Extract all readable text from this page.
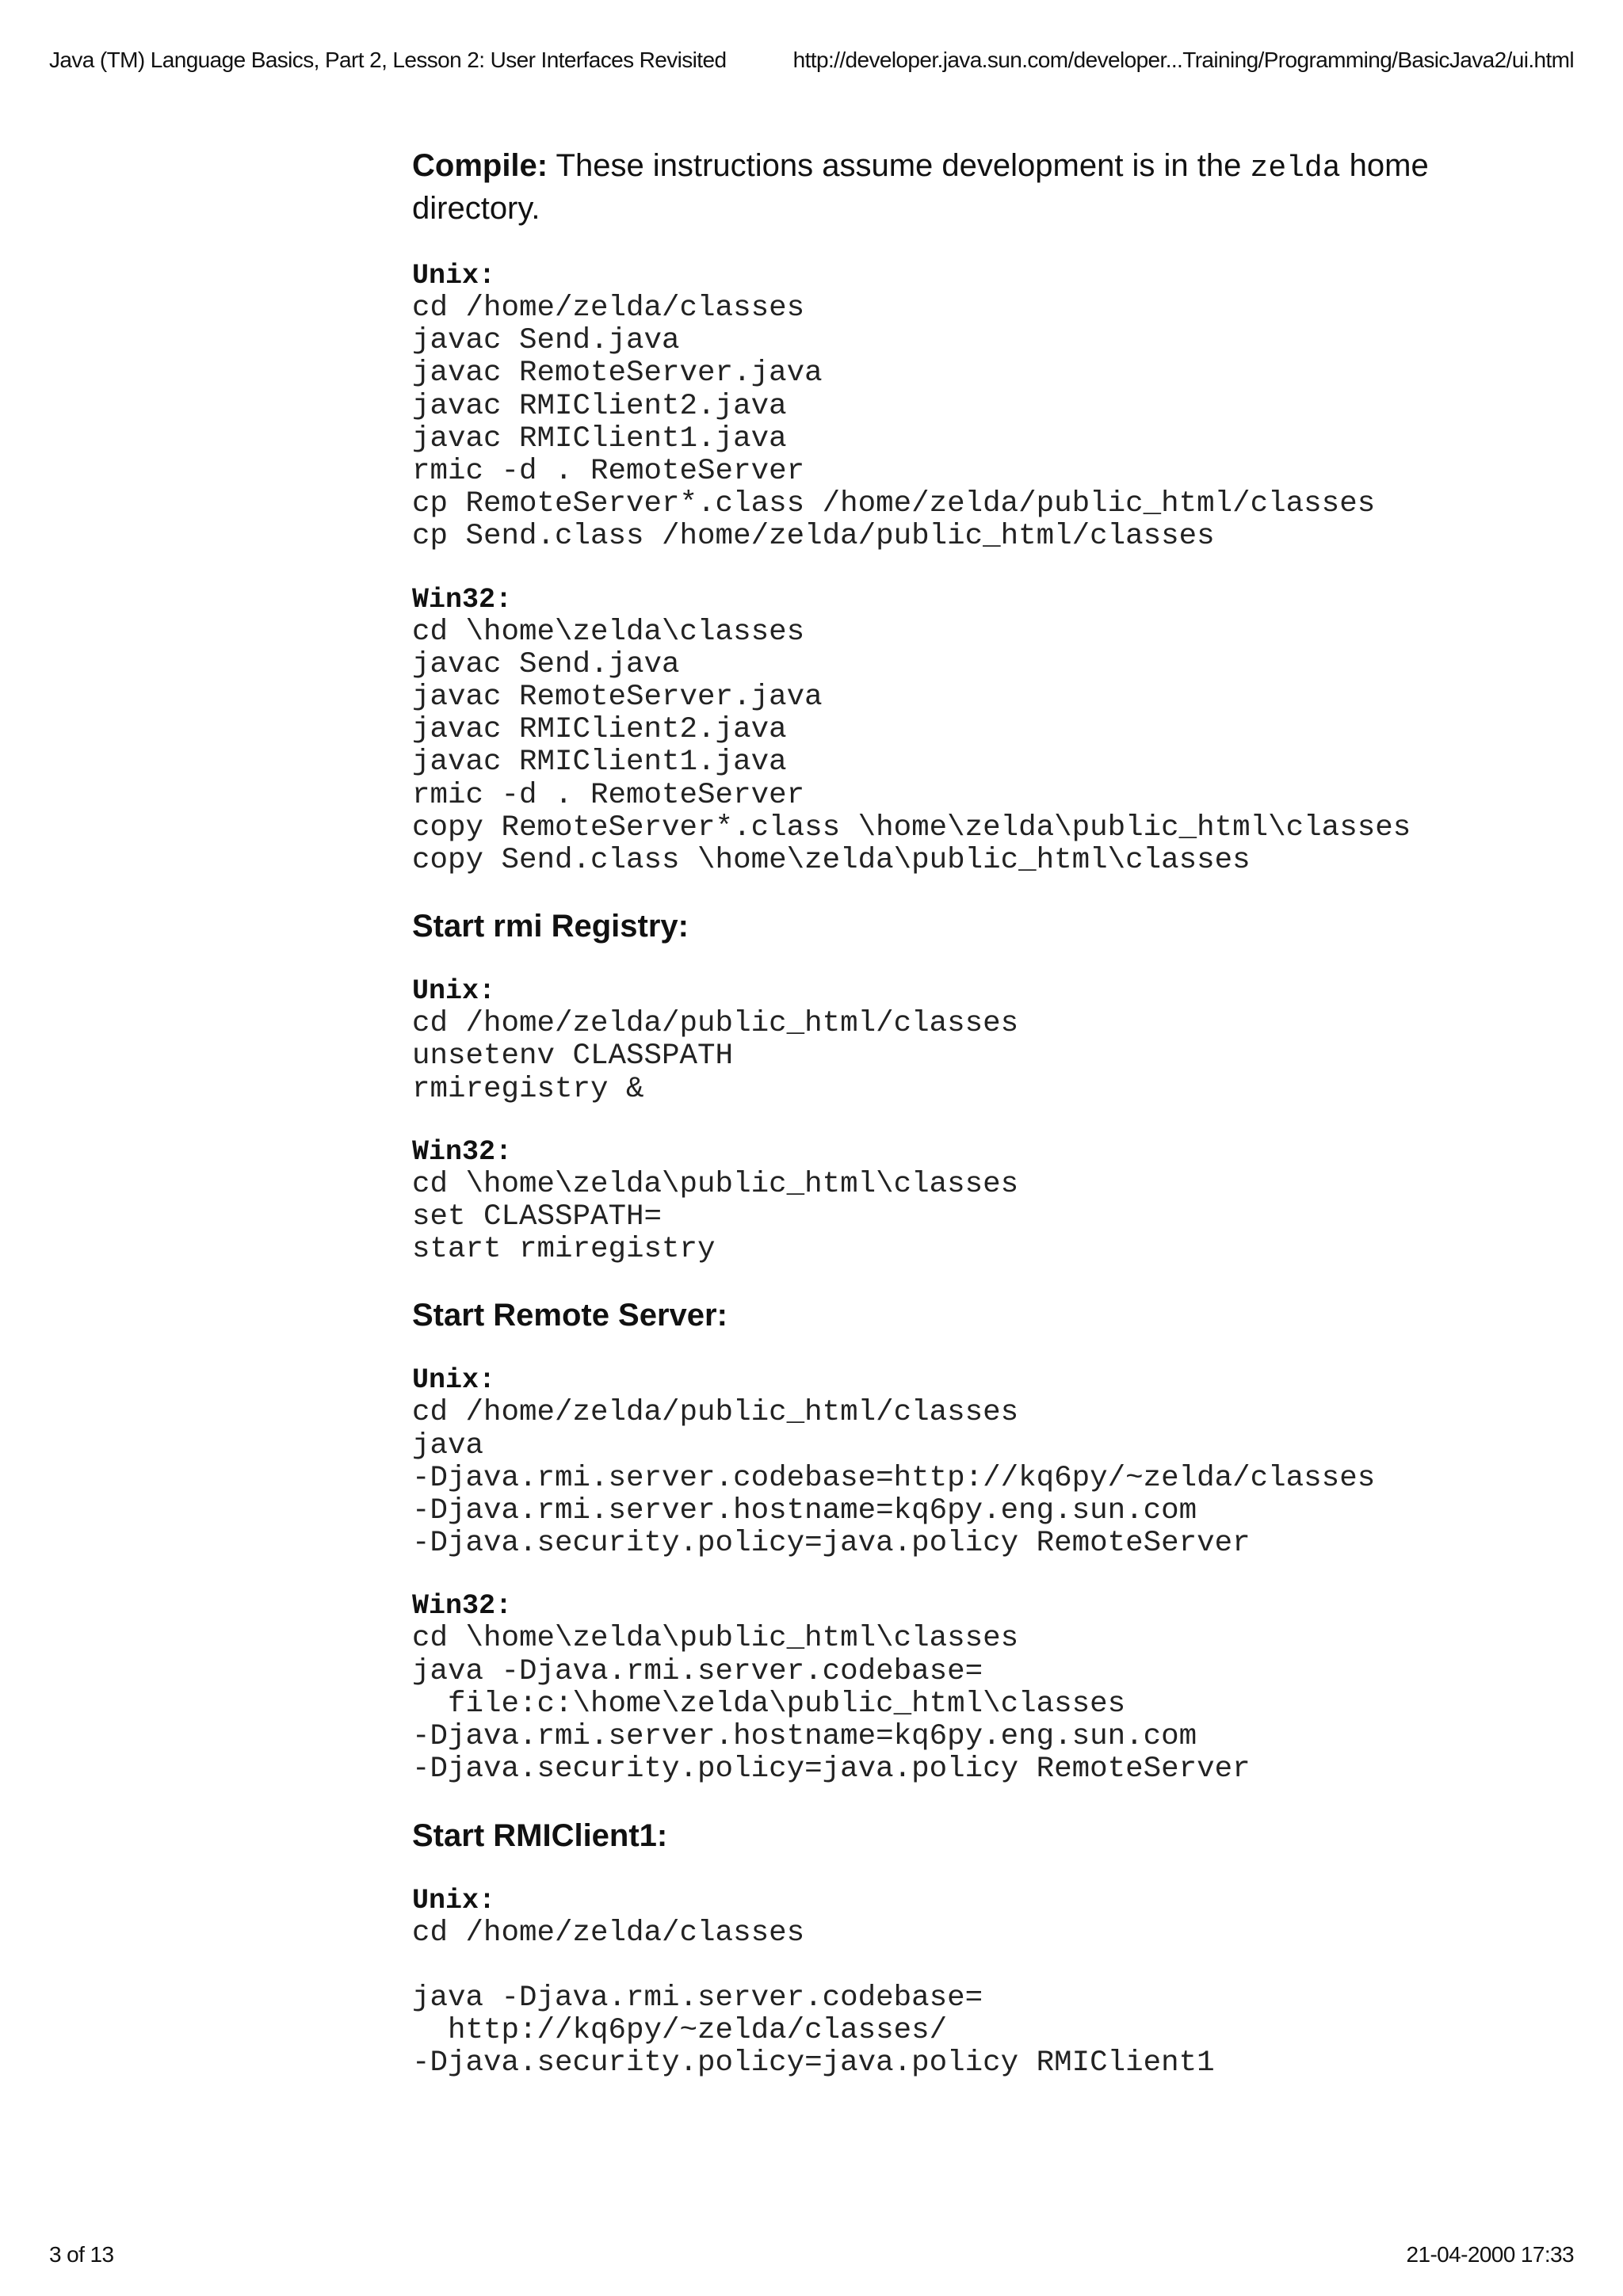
Java (TM) Language Basics, Part 2, Lesson 2: User Interfaces Revisited	http://developer.java.sun.com/developer...Training/Programming/BasicJava2/ui.html

Compile: These instructions assume development is in the zelda home directory.

Unix:
cd /home/zelda/classes
javac Send.java
javac RemoteServer.java
javac RMIClient2.java
javac RMIClient1.java
rmic -d . RemoteServer
cp RemoteServer*.class /home/zelda/public_html/classes
cp Send.class /home/zelda/public_html/classes
Win32:
cd \home\zelda\classes
javac Send.java
javac RemoteServer.java
javac RMIClient2.java
javac RMIClient1.java
rmic -d . RemoteServer
copy RemoteServer*.class \home\zelda\public_html\classes
copy Send.class \home\zelda\public_html\classes
Start rmi Registry:
Unix:
cd /home/zelda/public_html/classes
unsetenv CLASSPATH
rmiregistry &
Win32:
cd \home\zelda\public_html\classes
set CLASSPATH=
start rmiregistry
Start Remote Server:
Unix:
cd /home/zelda/public_html/classes
java
-Djava.rmi.server.codebase=http://kq6py/~zelda/classes
-Djava.rmi.server.hostname=kq6py.eng.sun.com
-Djava.security.policy=java.policy RemoteServer
Win32:
cd \home\zelda\public_html\classes
java -Djava.rmi.server.codebase=
file:c:\home\zelda\public_html\classes
-Djava.rmi.server.hostname=kq6py.eng.sun.com
-Djava.security.policy=java.policy RemoteServer
Start RMIClient1:
Unix:
cd /home/zelda/classes
java -Djava.rmi.server.codebase=
http://kq6py/~zelda/classes/
-Djava.security.policy=java.policy RMIClient1
3 of 13	21-04-2000 17:33
